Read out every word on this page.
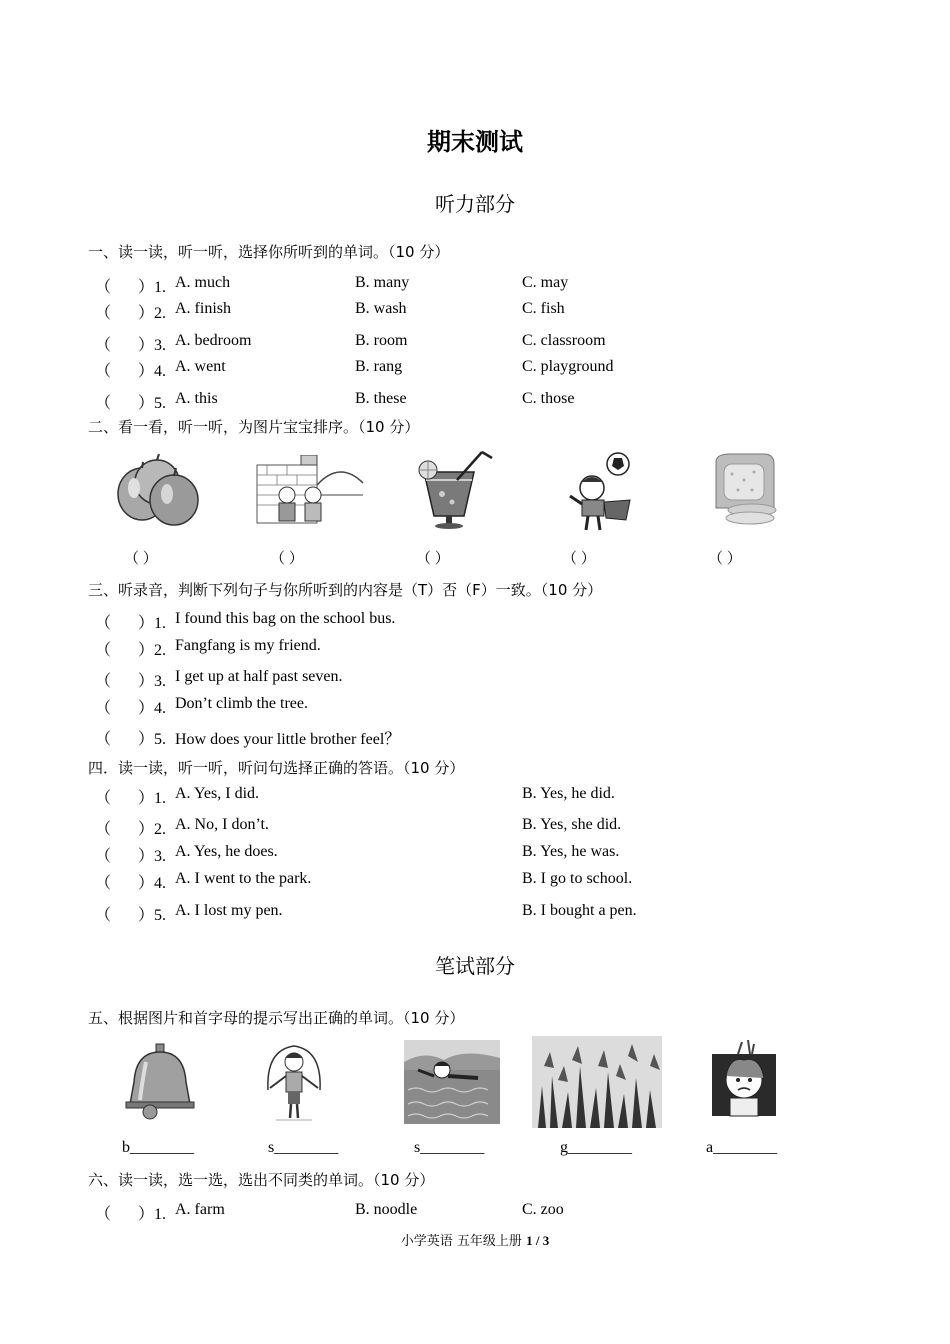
期末测试
听力部分
一、读一读，听一听，选择你所听到的单词。（10 分）
（ ）1. A. much	B. many	C. may
（ ）2. A. finish	B. wash	C. fish
（ ）3. A. bedroom	B. room	C. classroom
（ ）4. A. went	B. rang	C. playground
（ ）5. A. this	B. these	C. those
二、看一看，听一听，为图片宝宝排序。（10 分）
（ ）	（ ）	（ ）	（ ）	（ ）
三、听录音，判断下列句子与你所听到的内容是（T）否（F）一致。（10 分）
（ ）1. I found this bag on the school bus.
（ ）2. Fangfang is my friend.
（ ）3. I get up at half past seven.
（ ）4. Don’t climb the tree.
（ ）5. How does your little brother feel？
四．读一读，听一听，听问句选择正确的答语。（10 分）
（ ）1. A. Yes, I did.	B. Yes, he did.
（ ）2. A. No, I don’t.	B. Yes, she did.
（ ）3. A. Yes, he does.	B. Yes, he was.
（ ）4. A. I went to the park.	B. I go to school.
（ ）5. A. I lost my pen.	B. I bought a pen.
笔试部分
五、根据图片和首字母的提示写出正确的单词。（10 分）
b________	s________	s________	g________	a________
六、读一读，选一选，选出不同类的单词。（10 分）
（ ）1. A. farm	B. noodle	C. zoo
小学英语 五年级上册 1 / 3
